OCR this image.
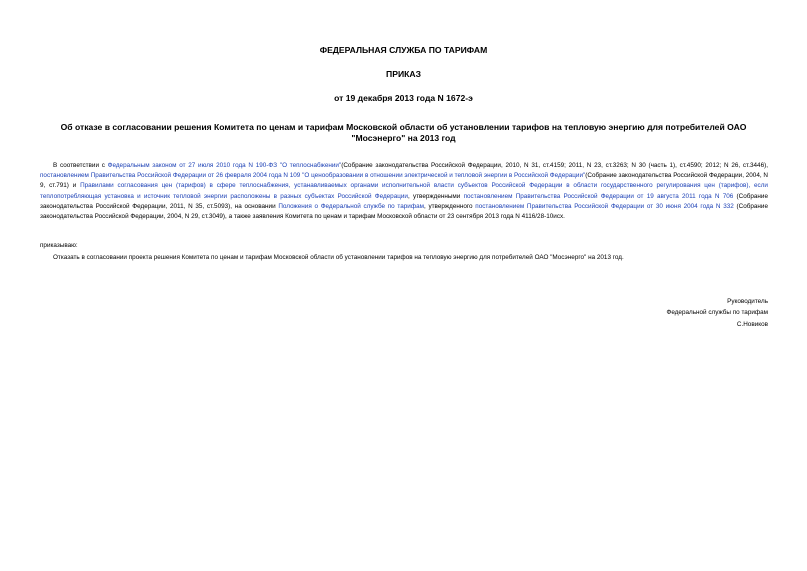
ФЕДЕРАЛЬНАЯ СЛУЖБА ПО ТАРИФАМ
ПРИКАЗ
от 19 декабря 2013 года N 1672-э
Об отказе в согласовании решения Комитета по ценам и тарифам Московской области об установлении тарифов на тепловую энергию для потребителей ОАО "Мосэнерго" на 2013 год
В соответствии с Федеральным законом от 27 июля 2010 года N 190-ФЗ "О теплоснабжении"(Собрание законодательства Российской Федерации, 2010, N 31, ст.4159; 2011, N 23, ст.3263; N 30 (часть 1), ст.4590; 2012; N 26, ст.3446), постановлением Правительства Российской Федерации от 26 февраля 2004 года N 109 "О ценообразовании в отношении электрической и тепловой энергии в Российской Федерации"(Собрание законодательства Российской Федерации, 2004, N 9, ст.791) и Правилами согласования цен (тарифов) в сфере теплоснабжения, устанавливаемых органами исполнительной власти субъектов Российской Федерации в области государственного регулирования цен (тарифов), если теплопотребляющая установка и источник тепловой энергии расположены в разных субъектах Российской Федерации, утвержденными постановлением Правительства Российской Федерации от 19 августа 2011 года N 706 (Собрание законодательства Российской Федерации, 2011, N 35, ст.5093), на основании Положения о Федеральной службе по тарифам, утвержденного постановлением Правительства Российской Федерации от 30 июня 2004 года N 332 (Собрание законодательства Российской Федерации, 2004, N 29, ст.3049), а также заявления Комитета по ценам и тарифам Московской области от 23 сентября 2013 года N 4116/28-10исх.
приказываю:
Отказать в согласовании проекта решения Комитета по ценам и тарифам Московской области об установлении тарифов на тепловую энергию для потребителей ОАО "Мосэнерго" на 2013 год.
Руководитель
Федеральной службы по тарифам
С.Новиков
